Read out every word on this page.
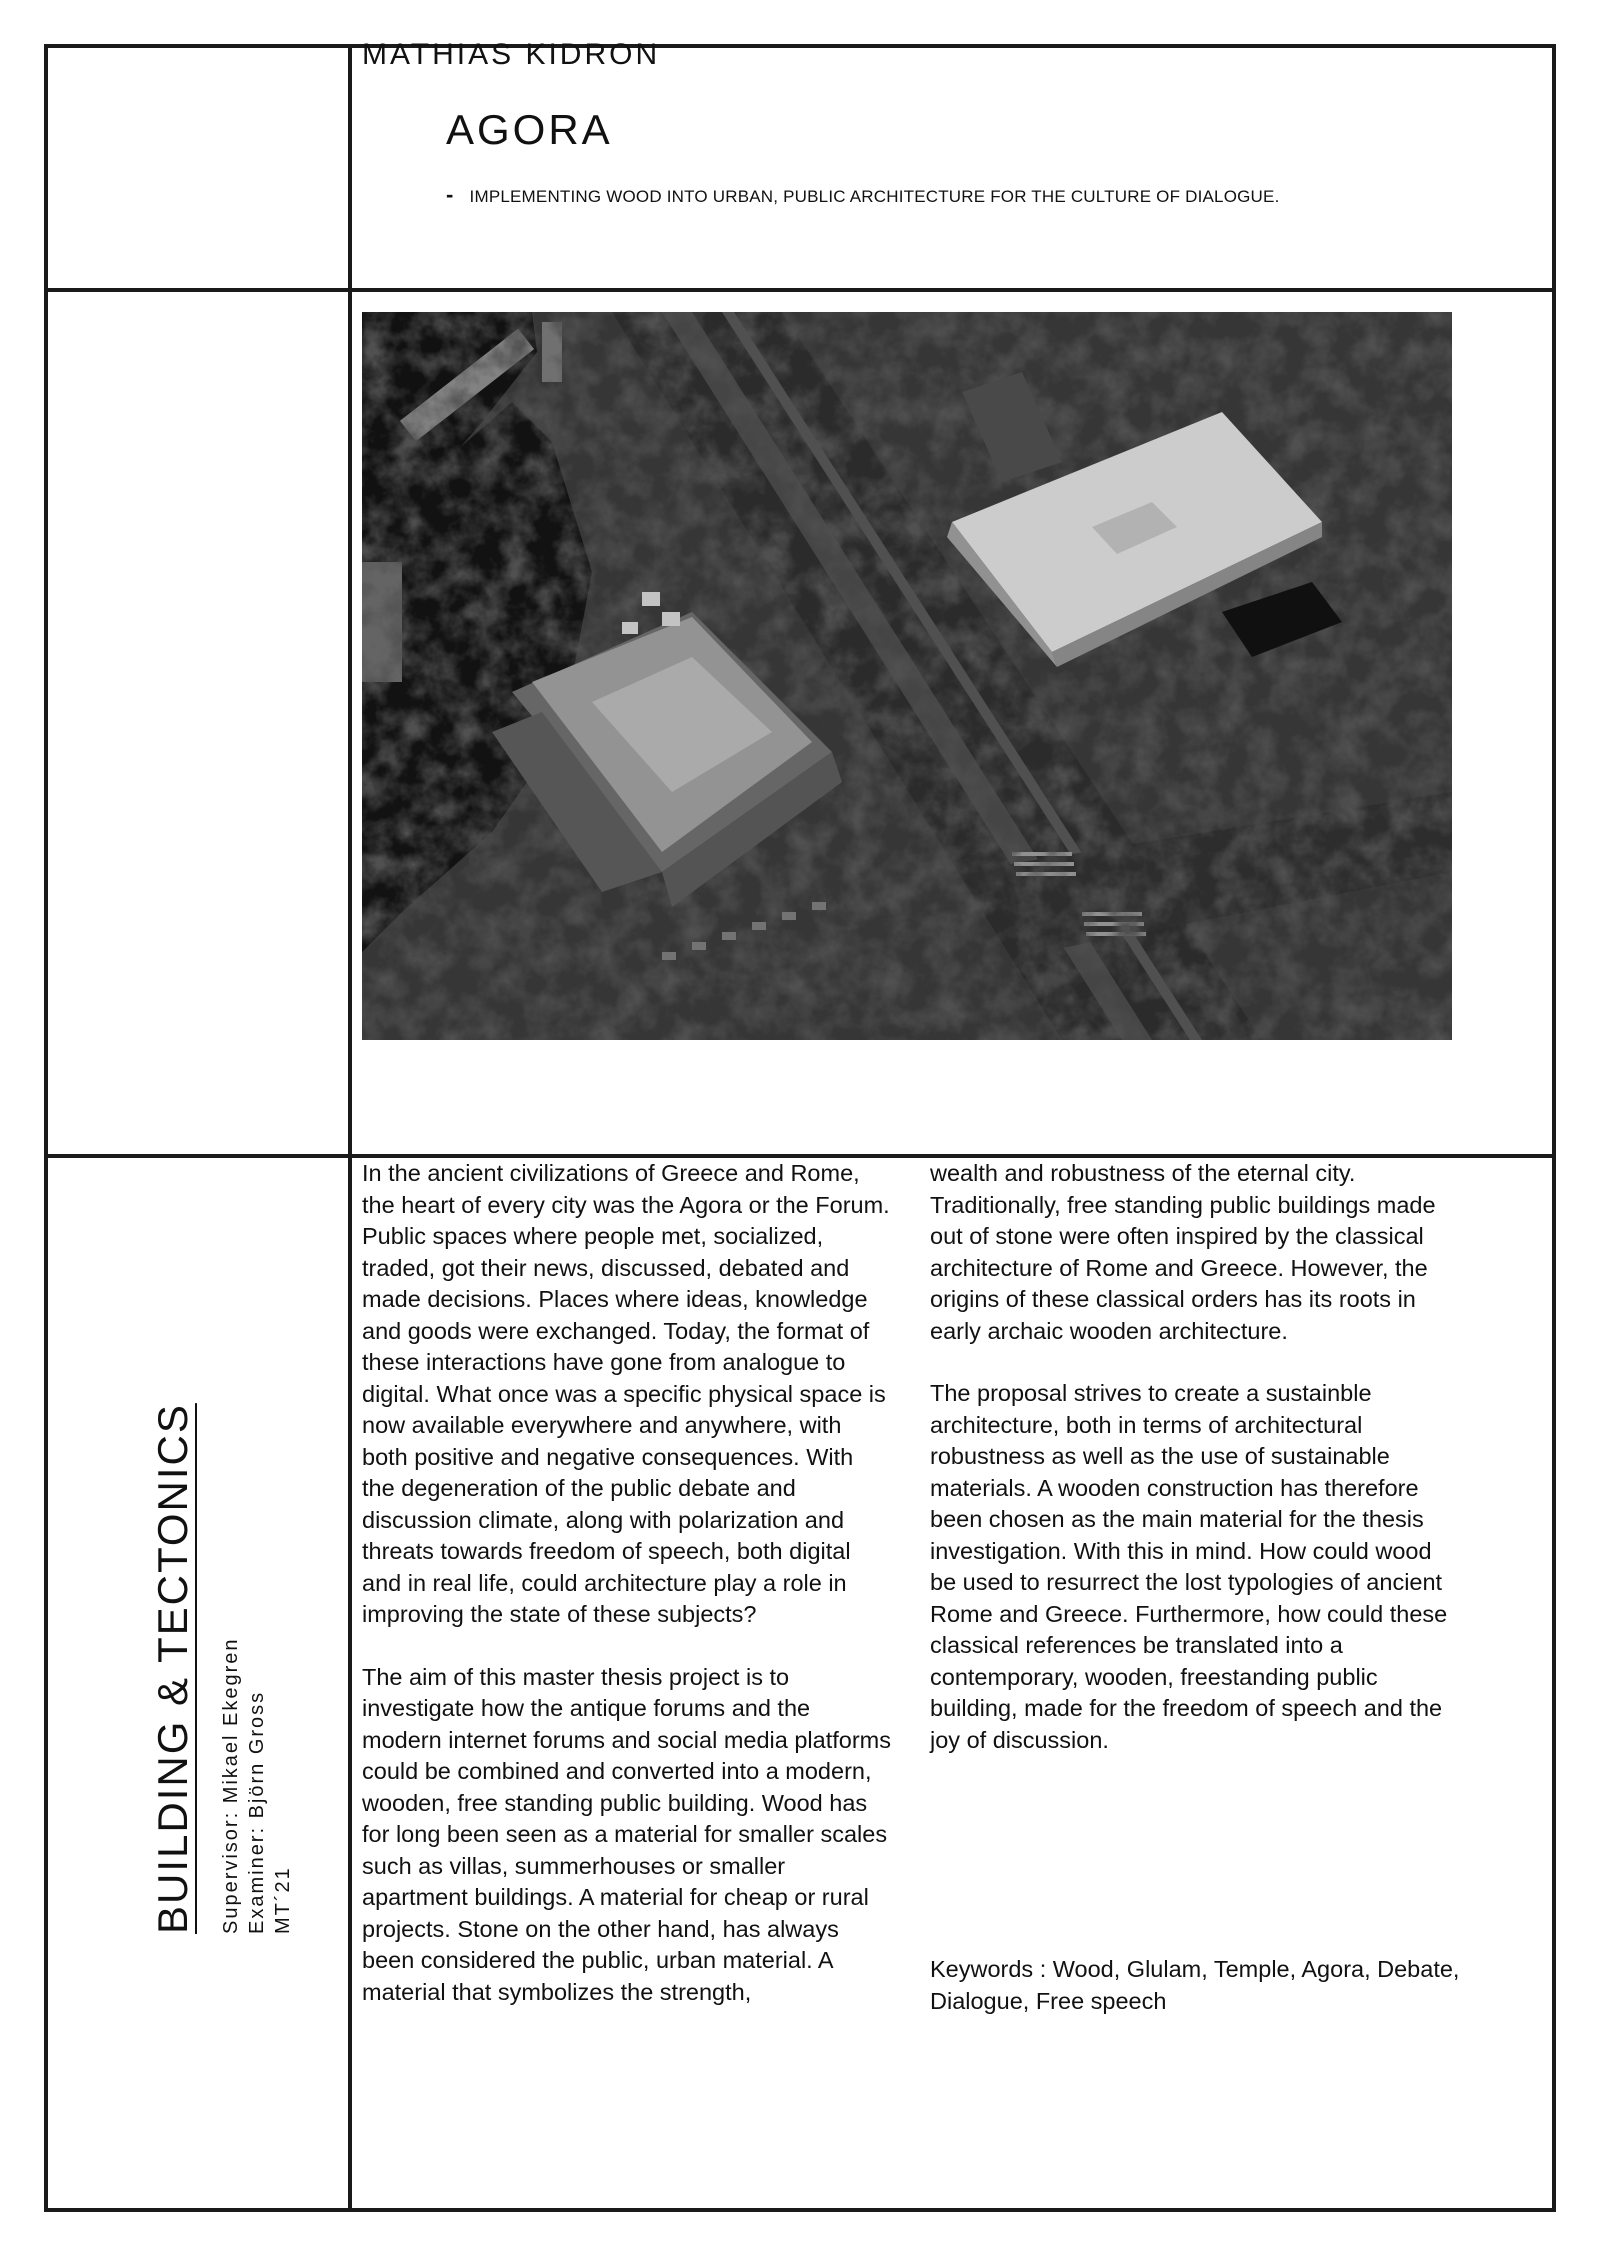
MATHIAS KIDRON
AGORA
- IMPLEMENTING WOOD INTO URBAN, PUBLIC ARCHITECTURE FOR THE CULTURE OF DIALOGUE.
BUILDING & TECTONICS Supervisor: Mikael Ekegren Examiner: Björn Gross MT´21

In the ancient civilizations of Greece and Rome, the heart of every city was the Agora or the Forum. Public spaces where people met, socialized, traded, got their news, discussed, debated and made decisions. Places where ideas, knowledge and goods were exchanged. Today, the format of these interactions have gone from analogue to digital. What once was a specific physical space is now available everywhere and anywhere, with both positive and negative consequences. With the degeneration of the public debate and discussion climate, along with polarization and threats towards freedom of speech, both digital and in real life, could architecture play a role in improving the state of these subjects?

The aim of this master thesis project is to investigate how the antique forums and the modern internet forums and social media platforms could be combined and converted into a modern, wooden, free standing public building. Wood has for long been seen as a material for smaller scales such as villas, summerhouses or smaller apartment buildings. A material for cheap or rural projects. Stone on the other hand, has always been considered the public, urban material. A material that symbolizes the strength,

wealth and robustness of the eternal city. Traditionally, free standing public buildings made out of stone were often inspired by the classical architecture of Rome and Greece. However, the origins of these classical orders has its roots in early archaic wooden architecture.

The proposal strives to create a sustainble architecture, both in terms of architectural robustness as well as the use of sustainable materials. A wooden construction has therefore been chosen as the main material for the thesis investigation. With this in mind. How could wood be used to resurrect the lost typologies of ancient Rome and Greece. Furthermore, how could these classical references be translated into a contemporary, wooden, freestanding public building, made for the freedom of speech and the joy of discussion.

Keywords : Wood, Glulam, Temple, Agora, Debate, Dialogue, Free speech
